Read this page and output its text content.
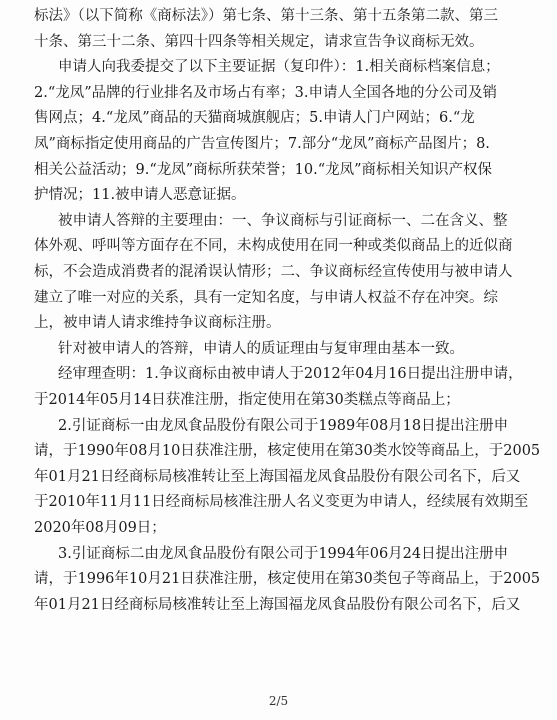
标法》（以下简称《商标法》）第七条、第十三条、第十五条第二款、第三
十条、第三十二条、第四十四条等相关规定，请求宣告争议商标无效。
申请人向我委提交了以下主要证据（复印件）：1.相关商标档案信息；
2.“龙凤”品牌的行业排名及市场占有率；3.申请人全国各地的分公司及销
售网点；4.“龙凤”商品的天猫商城旗舰店；5.申请人门户网站；6.“龙
凤”商标指定使用商品的广告宣传图片；7.部分“龙凤”商标产品图片；8.
相关公益活动；9.“龙凤”商标所获荣誉；10.“龙凤”商标相关知识产权保
护情况；11.被申请人恶意证据。
被申请人答辩的主要理由：一、争议商标与引证商标一、二在含义、整
体外观、呼叫等方面存在不同，未构成使用在同一种或类似商品上的近似商
标，不会造成消费者的混淆误认情形；二、争议商标经宣传使用与被申请人
建立了唯一对应的关系，具有一定知名度，与申请人权益不存在冲突。综
上，被申请人请求维持争议商标注册。
针对被申请人的答辩，申请人的质证理由与复审理由基本一致。
经审理查明：1.争议商标由被申请人于2012年04月16日提出注册申请，
于2014年05月14日获准注册，指定使用在第30类糕点等商品上；
2.引证商标一由龙凤食品股份有限公司于1989年08月18日提出注册申
请，于1990年08月10日获准注册，核定使用在第30类水饺等商品上，于2005
年01月21日经商标局核准转让至上海国福龙凤食品股份有限公司名下，后又
于2010年11月11日经商标局核准注册人名义变更为申请人，经续展有效期至
2020年08月09日；
3.引证商标二由龙凤食品股份有限公司于1994年06月24日提出注册申
请，于1996年10月21日获准注册，核定使用在第30类包子等商品上，于2005
年01月21日经商标局核准转让至上海国福龙凤食品股份有限公司名下，后又
2/5
